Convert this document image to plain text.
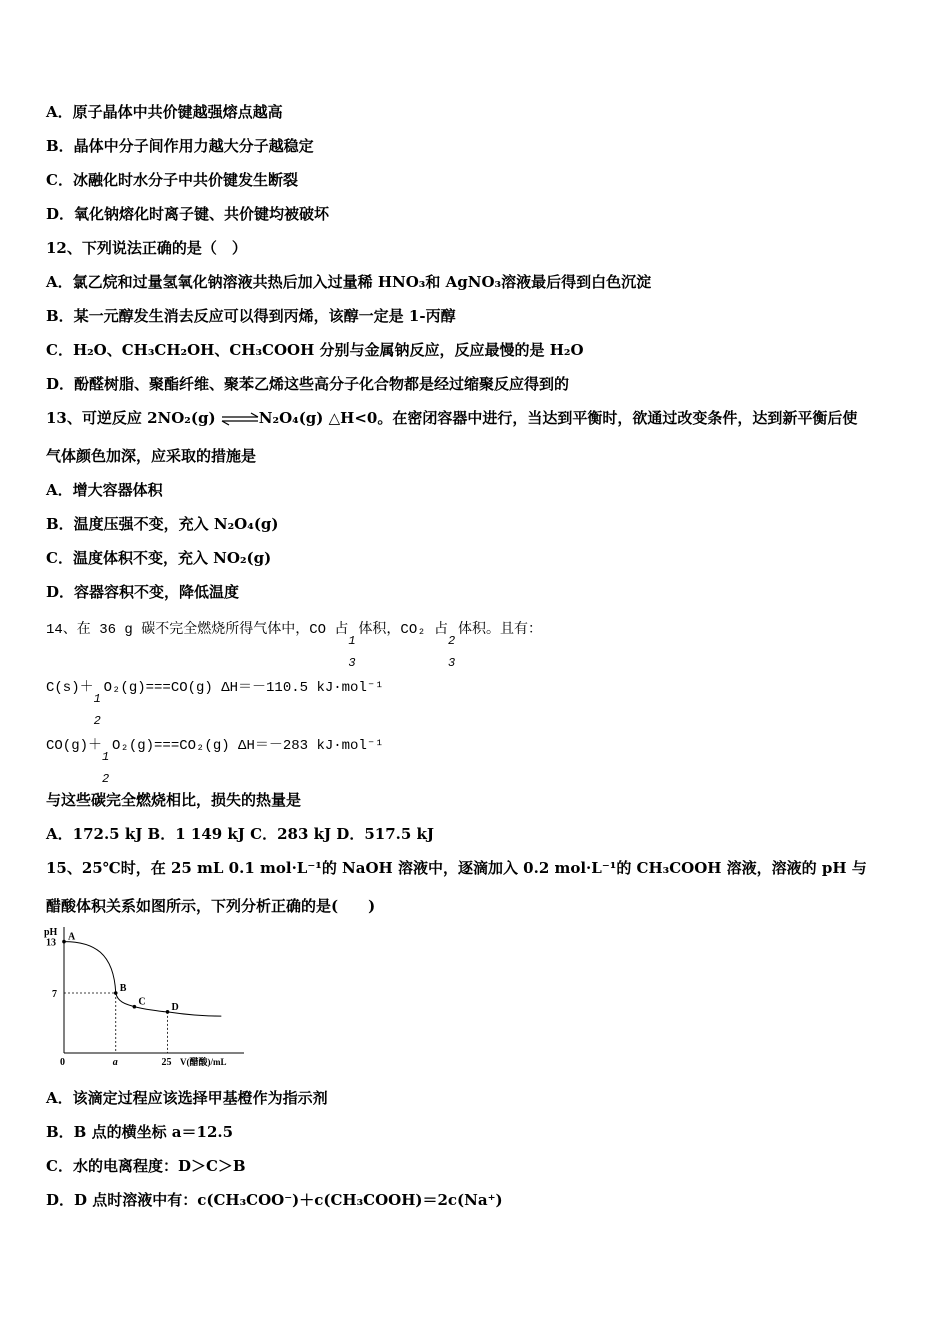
A．原子晶体中共价键越强熔点越高
B．晶体中分子间作用力越大分子越稳定
C．冰融化时水分子中共价键发生断裂
D．氧化钠熔化时离子键、共价键均被破坏
12、下列说法正确的是（　）
A．氯乙烷和过量氢氧化钠溶液共热后加入过量稀 HNO₃和 AgNO₃溶液最后得到白色沉淀
B．某一元醇发生消去反应可以得到丙烯，该醇一定是 1-丙醇
C．H₂O、CH₃CH₂OH、CH₃COOH 分别与金属钠反应，反应最慢的是 H₂O
D．酚醛树脂、聚酯纤维、聚苯乙烯这些高分子化合物都是经过缩聚反应得到的
13、可逆反应 2NO₂(g) ⇌N₂O₄(g) △H<0。在密闭容器中进行，当达到平衡时，欲通过改变条件，达到新平衡后使
气体颜色加深，应采取的措施是
A．增大容器体积
B．温度压强不变，充入 N₂O₄(g)
C．温度体积不变，充入 NO₂(g)
D．容器容积不变，降低温度
14、在 36 g 碳不完全燃烧所得气体中，CO 占
1
3
体积，CO₂ 占
2
3
体积。且有：
C(s)＋
1
2
O₂(g)===CO(g) ΔH＝－110.5 kJ·mol⁻¹
CO(g)＋
1
2
O₂(g)===CO₂(g) ΔH＝－283 kJ·mol⁻¹
与这些碳完全燃烧相比，损失的热量是
A．172.5 kJ B．1 149 kJ C．283 kJ D．517.5 kJ
15、25℃时，在 25 mL 0.1 mol·L⁻¹的 NaOH 溶液中，逐滴加入 0.2 mol·L⁻¹的 CH₃COOH 溶液，溶液的 pH 与
醋酸体积关系如图所示，下列分析正确的是(　　)
pH
V(醋酸)/mL
13
7
0	a	25
A
B
C	D
A．该滴定过程应该选择甲基橙作为指示剂
B．B 点的横坐标 a＝12.5
C．水的电离程度：D＞C＞B
D．D 点时溶液中有：c(CH₃COO⁻)＋c(CH₃COOH)＝2c(Na⁺)
